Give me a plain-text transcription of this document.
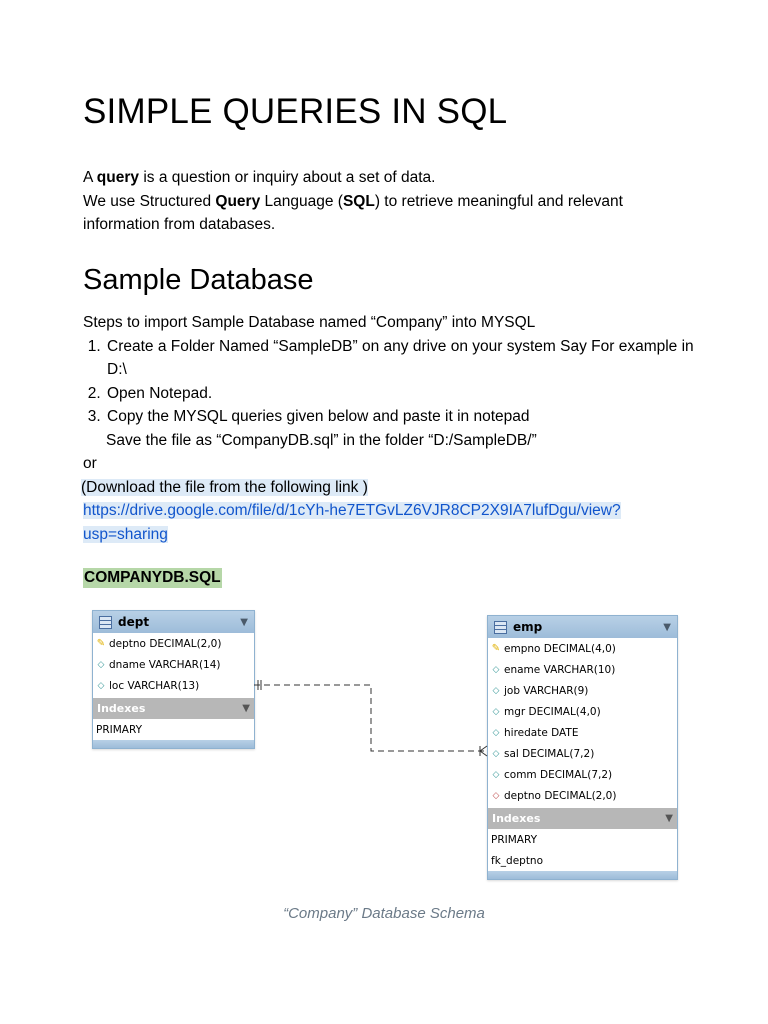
SIMPLE QUERIES IN SQL
A query is a question or inquiry about a set of data.
We use Structured Query Language (SQL) to retrieve meaningful and relevant
information from databases.
Sample Database
Steps to import Sample Database named “Company” into MYSQL
1. Create a Folder Named “SampleDB” on any drive on your system Say For example in D:\
2. Open Notepad.
3. Copy the MYSQL queries given below and paste it in notepad
Save the file as “CompanyDB.sql” in the folder “D:/SampleDB/”
or
(Download the file from the following link )
https://drive.google.com/file/d/1cYh-he7ETGvLZ6VJR8CP2X9IA7lufDgu/view?
usp=sharing
COMPANYDB.SQL
dept	▼
✎ deptno DECIMAL(2,0)
◇ dname VARCHAR(14)
◇ loc VARCHAR(13)
Indexes	▼
PRIMARY
emp	▼
✎ empno DECIMAL(4,0)
◇ ename VARCHAR(10)
◇ job VARCHAR(9)
◇ mgr DECIMAL(4,0)
◇ hiredate DATE
◇ sal DECIMAL(7,2)
◇ comm DECIMAL(7,2)
◇ deptno DECIMAL(2,0)
Indexes	▼
PRIMARY
fk_deptno
“Company” Database Schema
